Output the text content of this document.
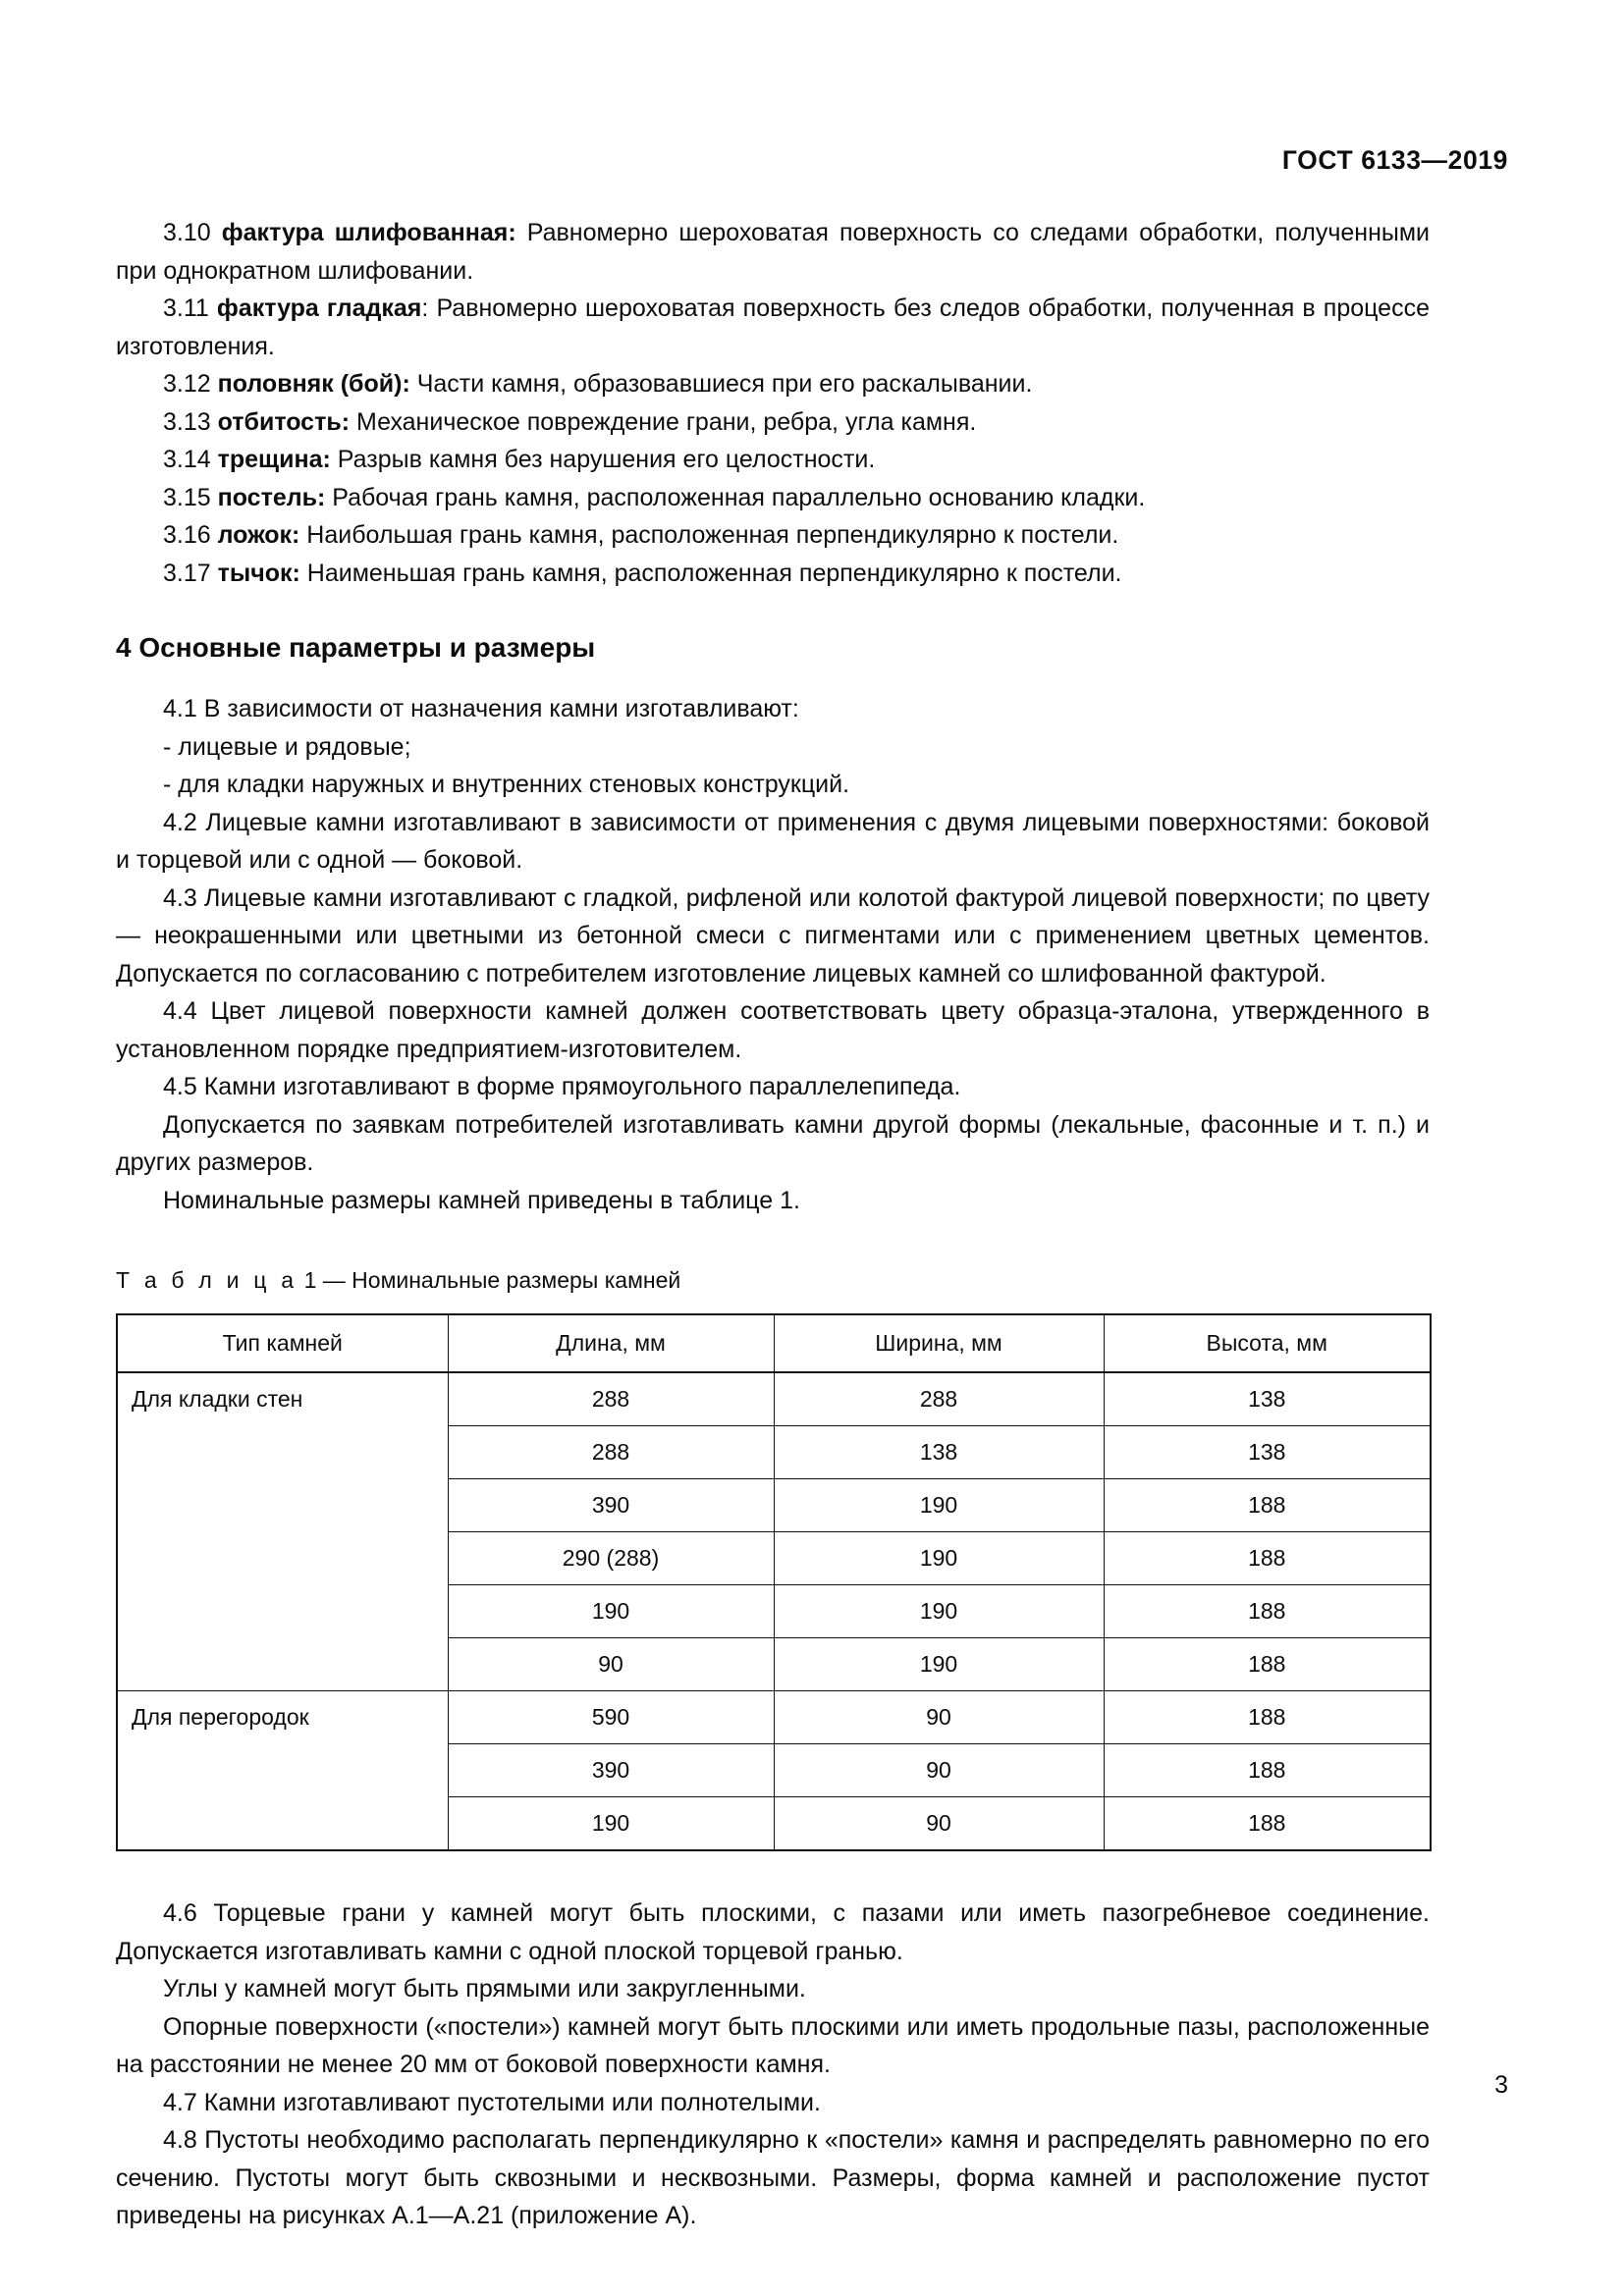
ГОСТ 6133—2019

3.10 фактура шлифованная: Равномерно шероховатая поверхность со следами обработки, полученными при однократном шлифовании.

3.11 фактура гладкая: Равномерно шероховатая поверхность без следов обработки, полученная в процессе изготовления.

3.12 половняк (бой): Части камня, образовавшиеся при его раскалывании.

3.13 отбитость: Механическое повреждение грани, ребра, угла камня.

3.14 трещина: Разрыв камня без нарушения его целостности.

3.15 постель: Рабочая грань камня, расположенная параллельно основанию кладки.

3.16 ложок: Наибольшая грань камня, расположенная перпендикулярно к постели.

3.17 тычок: Наименьшая грань камня, расположенная перпендикулярно к постели.

4 Основные параметры и размеры

4.1 В зависимости от назначения камни изготавливают:

- лицевые и рядовые;

- для кладки наружных и внутренних стеновых конструкций.

4.2 Лицевые камни изготавливают в зависимости от применения с двумя лицевыми поверхностями: боковой и торцевой или с одной — боковой.

4.3 Лицевые камни изготавливают с гладкой, рифленой или колотой фактурой лицевой поверхности; по цвету — неокрашенными или цветными из бетонной смеси с пигментами или с применением цветных цементов. Допускается по согласованию с потребителем изготовление лицевых камней со шлифованной фактурой.

4.4 Цвет лицевой поверхности камней должен соответствовать цвету образца-эталона, утвержденного в установленном порядке предприятием-изготовителем.

4.5 Камни изготавливают в форме прямоугольного параллелепипеда.

Допускается по заявкам потребителей изготавливать камни другой формы (лекальные, фасонные и т. п.) и других размеров.

Номинальные размеры камней приведены в таблице 1.

Т а б л и ц а 1 — Номинальные размеры камней

Тип камней	Длина, мм	Ширина, мм	Высота, мм
Для кладки стен	288	288	138
	288	138	138
	390	190	188
	290 (288)	190	188
	190	190	188
	90	190	188
Для перегородок	590	90	188
	390	90	188
	190	90	188

4.6 Торцевые грани у камней могут быть плоскими, с пазами или иметь пазогребневое соединение. Допускается изготавливать камни с одной плоской торцевой гранью.

Углы у камней могут быть прямыми или закругленными.

Опорные поверхности («постели») камней могут быть плоскими или иметь продольные пазы, расположенные на расстоянии не менее 20 мм от боковой поверхности камня.

4.7 Камни изготавливают пустотелыми или полнотелыми.

4.8 Пустоты необходимо располагать перпендикулярно к «постели» камня и распределять равномерно по его сечению. Пустоты могут быть сквозными и несквозными. Размеры, форма камней и расположение пустот приведены на рисунках А.1—А.21 (приложение А).

3
